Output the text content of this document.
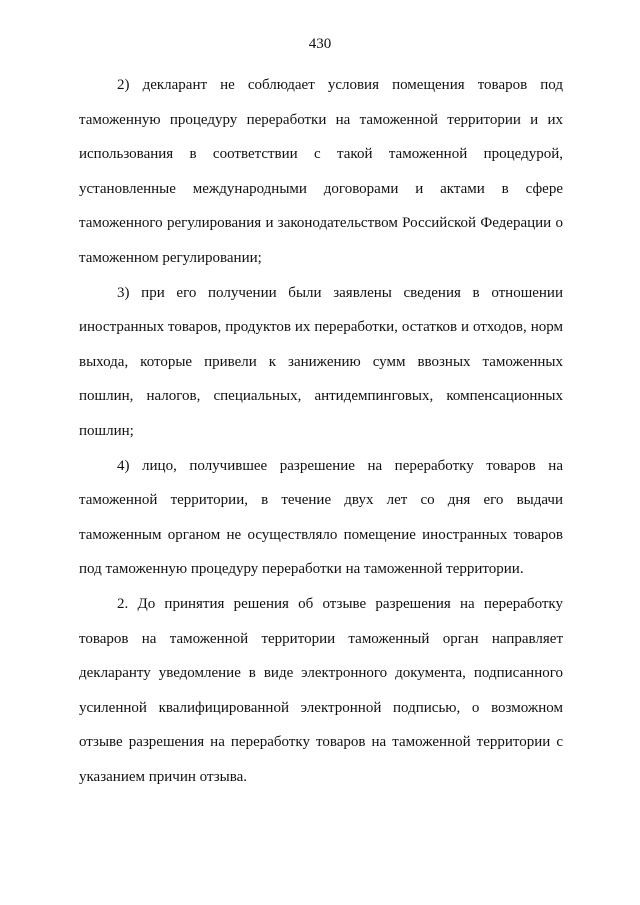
430

2) декларант не соблюдает условия помещения товаров под таможенную процедуру переработки на таможенной территории и их использования в соответствии с такой таможенной процедурой, установленные международными договорами и актами в сфере таможенного регулирования и законодательством Российской Федерации о таможенном регулировании;

3) при его получении были заявлены сведения в отношении иностранных товаров, продуктов их переработки, остатков и отходов, норм выхода, которые привели к занижению сумм ввозных таможенных пошлин, налогов, специальных, антидемпинговых, компенсационных пошлин;

4) лицо, получившее разрешение на переработку товаров на таможенной территории, в течение двух лет со дня его выдачи таможенным органом не осуществляло помещение иностранных товаров под таможенную процедуру переработки на таможенной территории.

2. До принятия решения об отзыве разрешения на переработку товаров на таможенной территории таможенный орган направляет декларанту уведомление в виде электронного документа, подписанного усиленной квалифицированной электронной подписью, о возможном отзыве разрешения на переработку товаров на таможенной территории с указанием причин отзыва.
